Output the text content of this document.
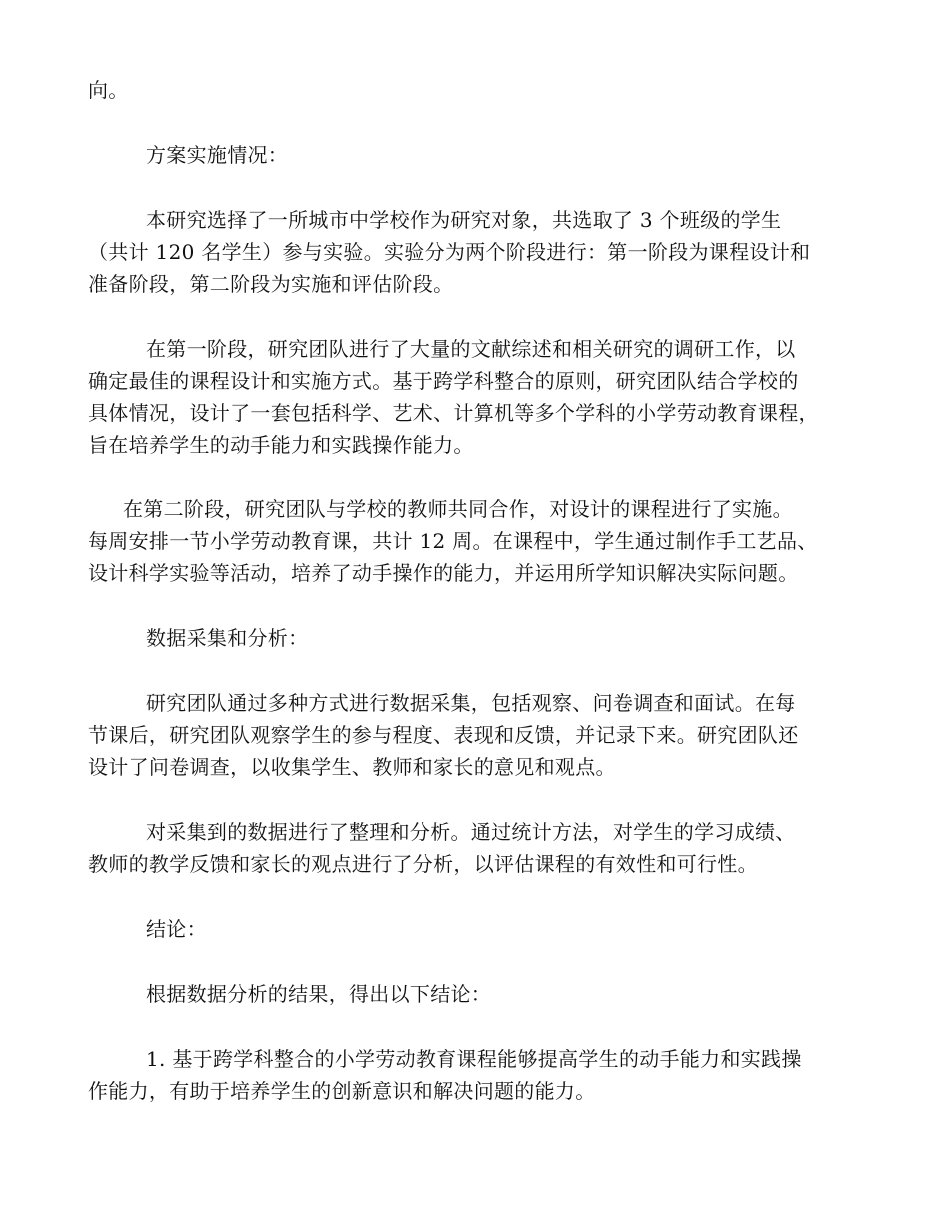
向。
方案实施情况：
本研究选择了一所城市中学校作为研究对象，共选取了 3 个班级的学生
（共计 120 名学生）参与实验。实验分为两个阶段进行：第一阶段为课程设计和
准备阶段，第二阶段为实施和评估阶段。
在第一阶段，研究团队进行了大量的文献综述和相关研究的调研工作，以
确定最佳的课程设计和实施方式。基于跨学科整合的原则，研究团队结合学校的
具体情况，设计了一套包括科学、艺术、计算机等多个学科的小学劳动教育课程，
旨在培养学生的动手能力和实践操作能力。
在第二阶段，研究团队与学校的教师共同合作，对设计的课程进行了实施。
每周安排一节小学劳动教育课，共计 12 周。在课程中，学生通过制作手工艺品、
设计科学实验等活动，培养了动手操作的能力，并运用所学知识解决实际问题。
数据采集和分析：
研究团队通过多种方式进行数据采集，包括观察、问卷调查和面试。在每
节课后，研究团队观察学生的参与程度、表现和反馈，并记录下来。研究团队还
设计了问卷调查，以收集学生、教师和家长的意见和观点。
对采集到的数据进行了整理和分析。通过统计方法，对学生的学习成绩、
教师的教学反馈和家长的观点进行了分析，以评估课程的有效性和可行性。
结论：
根据数据分析的结果，得出以下结论：
1. 基于跨学科整合的小学劳动教育课程能够提高学生的动手能力和实践操
作能力，有助于培养学生的创新意识和解决问题的能力。
